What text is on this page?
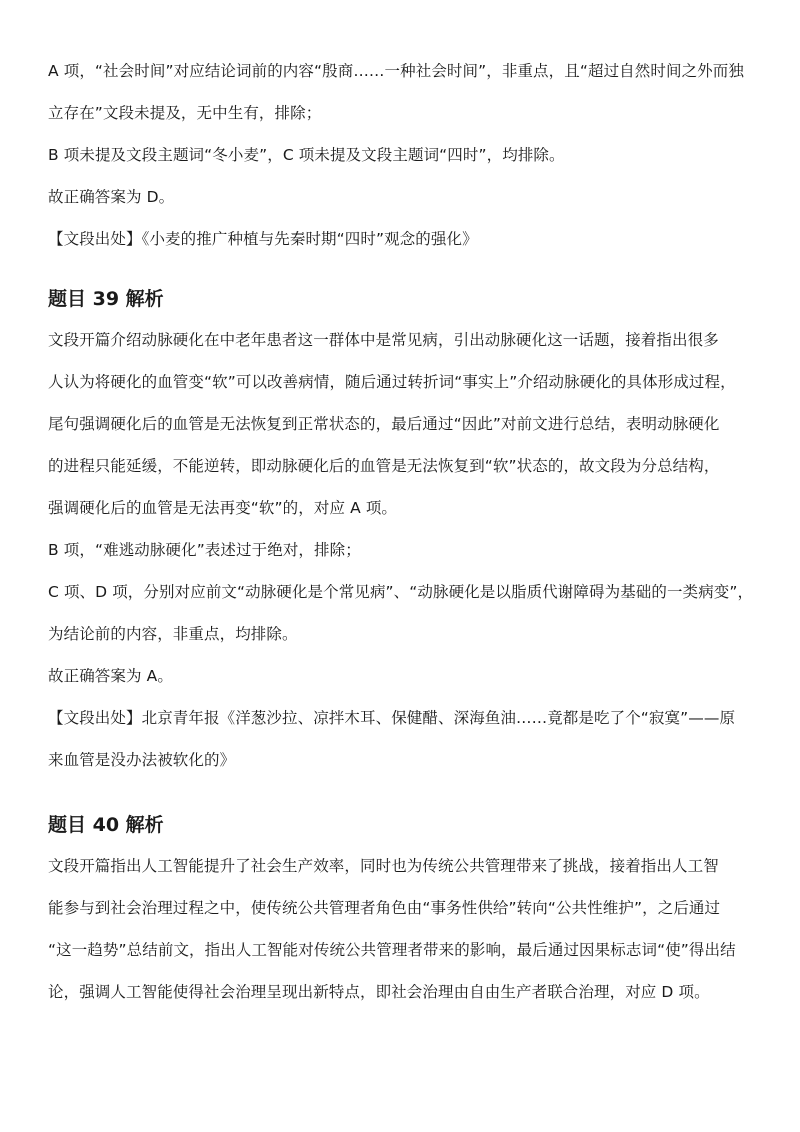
A 项，“社会时间”对应结论词前的内容“殷商……一种社会时间”，非重点，且“超过自然时间之外而独

立存在”文段未提及，无中生有，排除；

B 项未提及文段主题词“冬小麦”，C 项未提及文段主题词“四时”，均排除。

故正确答案为 D。

【文段出处】《小麦的推广种植与先秦时期“四时”观念的强化》

题目 39 解析

文段开篇介绍动脉硬化在中老年患者这一群体中是常见病，引出动脉硬化这一话题，接着指出很多

人认为将硬化的血管变“软”可以改善病情，随后通过转折词“事实上”介绍动脉硬化的具体形成过程，

尾句强调硬化后的血管是无法恢复到正常状态的，最后通过“因此”对前文进行总结，表明动脉硬化

的进程只能延缓，不能逆转，即动脉硬化后的血管是无法恢复到“软”状态的，故文段为分总结构，

强调硬化后的血管是无法再变“软”的，对应 A 项。

B 项，“难逃动脉硬化”表述过于绝对，排除；

C 项、D 项，分别对应前文“动脉硬化是个常见病”、“动脉硬化是以脂质代谢障碍为基础的一类病变”，

为结论前的内容，非重点，均排除。

故正确答案为 A。

【文段出处】北京青年报《洋葱沙拉、凉拌木耳、保健醋、深海鱼油……竟都是吃了个“寂寞”——原

来血管是没办法被软化的》

题目 40 解析

文段开篇指出人工智能提升了社会生产效率，同时也为传统公共管理带来了挑战，接着指出人工智

能参与到社会治理过程之中，使传统公共管理者角色由“事务性供给”转向“公共性维护”，之后通过

“这一趋势”总结前文，指出人工智能对传统公共管理者带来的影响，最后通过因果标志词“使”得出结

论，强调人工智能使得社会治理呈现出新特点，即社会治理由自由生产者联合治理，对应 D 项。
